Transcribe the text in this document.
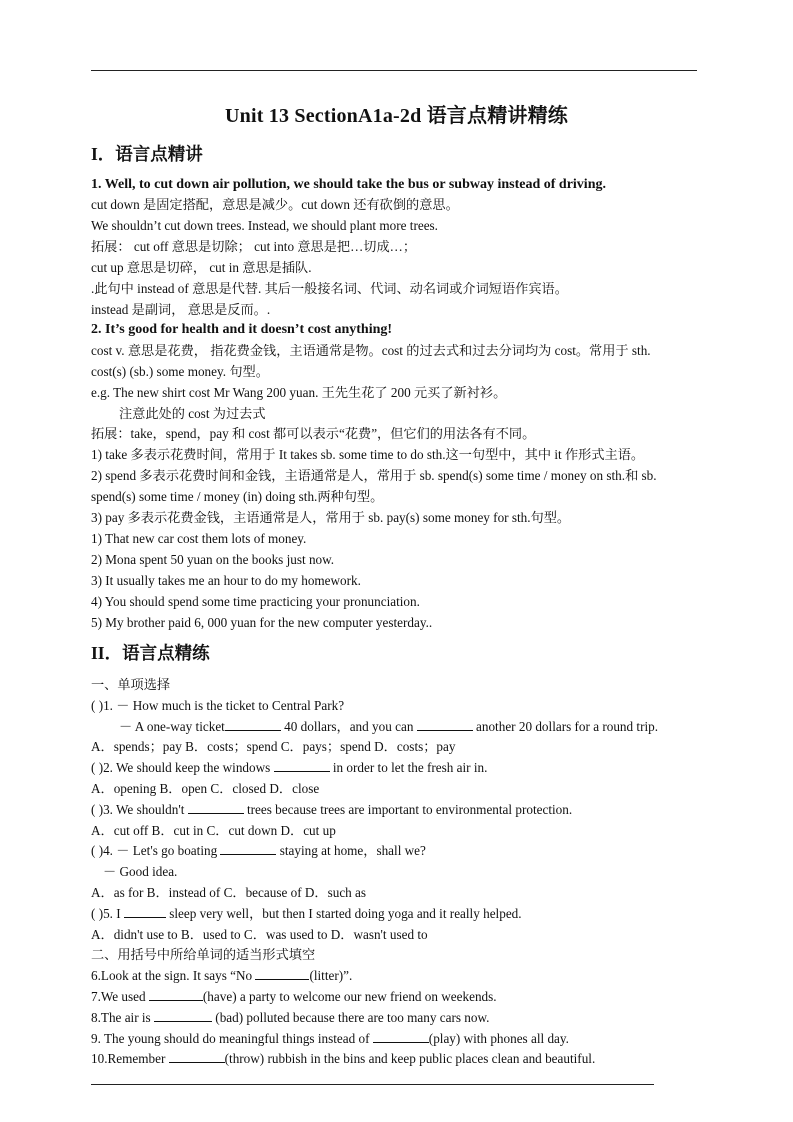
Unit 13 SectionA1a-2d 语言点精讲精练
I．语言点精讲
1. Well, to cut down air pollution, we should take the bus or subway instead of driving.
cut down 是固定搭配，意思是减少。cut down 还有砍倒的意思。
We shouldn’t cut down trees. Instead, we should plant more trees.
拓展： cut off 意思是切除； cut into 意思是把…切成…；
cut up 意思是切碎， cut in 意思是插队.
.此句中 instead of 意思是代替. 其后一般接名词、代词、动名词或介词短语作宾语。
instead 是副词， 意思是反而。.
2. It’s good for health and it doesn’t cost anything!
cost v. 意思是花费， 指花费金钱，主语通常是物。cost 的过去式和过去分词均为 cost。常用于 sth.
cost(s) (sb.) some money. 句型。
e.g. The new shirt cost Mr Wang 200 yuan. 王先生花了 200 元买了新衬衫。
注意此处的 cost 为过去式
拓展：take，spend，pay 和 cost 都可以表示“花费”，但它们的用法各有不同。
1) take 多表示花费时间，常用于 It takes sb. some time to do sth.这一句型中，其中 it 作形式主语。
2) spend 多表示花费时间和金钱，主语通常是人，常用于 sb. spend(s) some time / money on sth.和 sb.
spend(s) some time / money (in) doing sth.两种句型。
3) pay 多表示花费金钱，主语通常是人，常用于 sb. pay(s) some money for sth.句型。
1) That new car cost them lots of money.
2) Mona spent 50 yuan on the books just now.
3) It usually takes me an hour to do my homework.
4) You should spend some time practicing your pronunciation.
5) My brother paid 6, 000 yuan for the new computer yesterday..
II．语言点精练
一、单项选择
( )1. － How much is the ticket to Central Park?
－ A one-way ticket	40 dollars，and you can	another 20 dollars for a round trip.
A．spends；pay B．costs；spend C．pays；spend D．costs；pay
( )2. We should keep the windows	in order to let the fresh air in.
A．opening B．open C．closed D．close
( )3. We shouldn't	trees because trees are important to environmental protection.
A．cut off B．cut in C．cut down D．cut up
( )4. － Let's go boating	staying at home，shall we?
－ Good idea.
A．as for B．instead of C．because of D．such as
( )5. I	sleep very well，but then I started doing yoga and it really helped.
A．didn't use to B．used to C．was used to D．wasn't used to
二、用括号中所给单词的适当形式填空
6.Look at the sign. It says “No	(litter)”.
7.We used	(have) a party to welcome our new friend on weekends.
8.The air is	(bad) polluted because there are too many cars now.
9. The young should do meaningful things instead of	(play) with phones all day.
10.Remember	(throw) rubbish in the bins and keep public places clean and beautiful.
